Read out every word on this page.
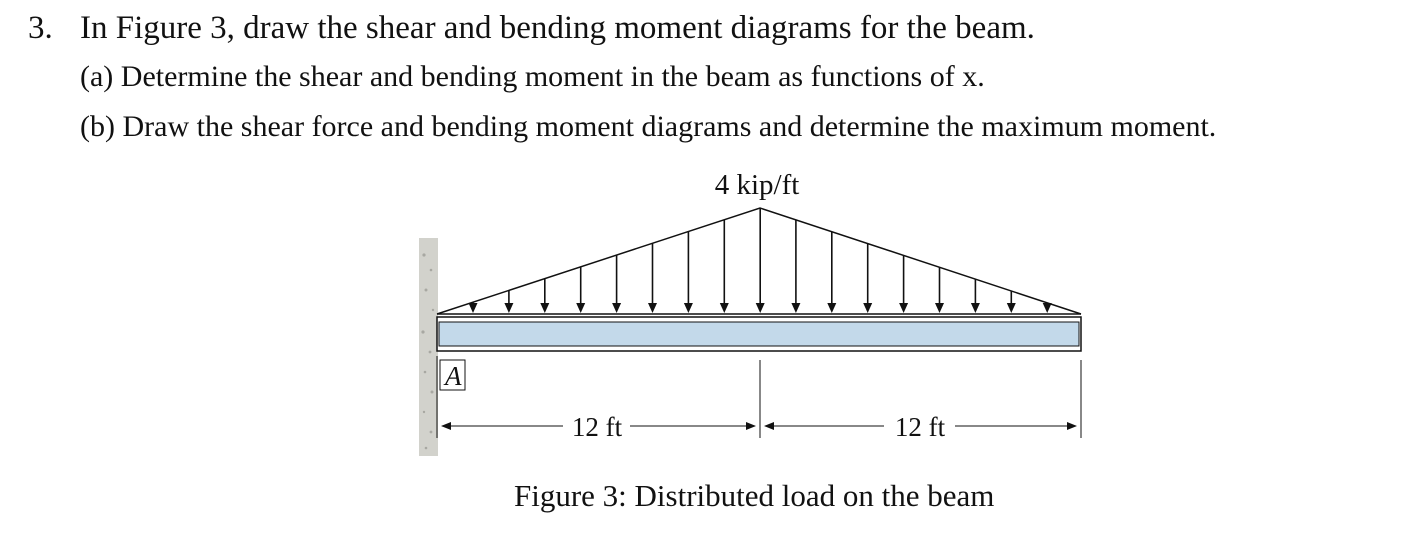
3. In Figure 3, draw the shear and bending moment diagrams for the beam.
(a) Determine the shear and bending moment in the beam as functions of x.
(b) Draw the shear force and bending moment diagrams and determine the maximum moment.
4 kip/ft
A
12 ft	12 ft
Figure 3: Distributed load on the beam
